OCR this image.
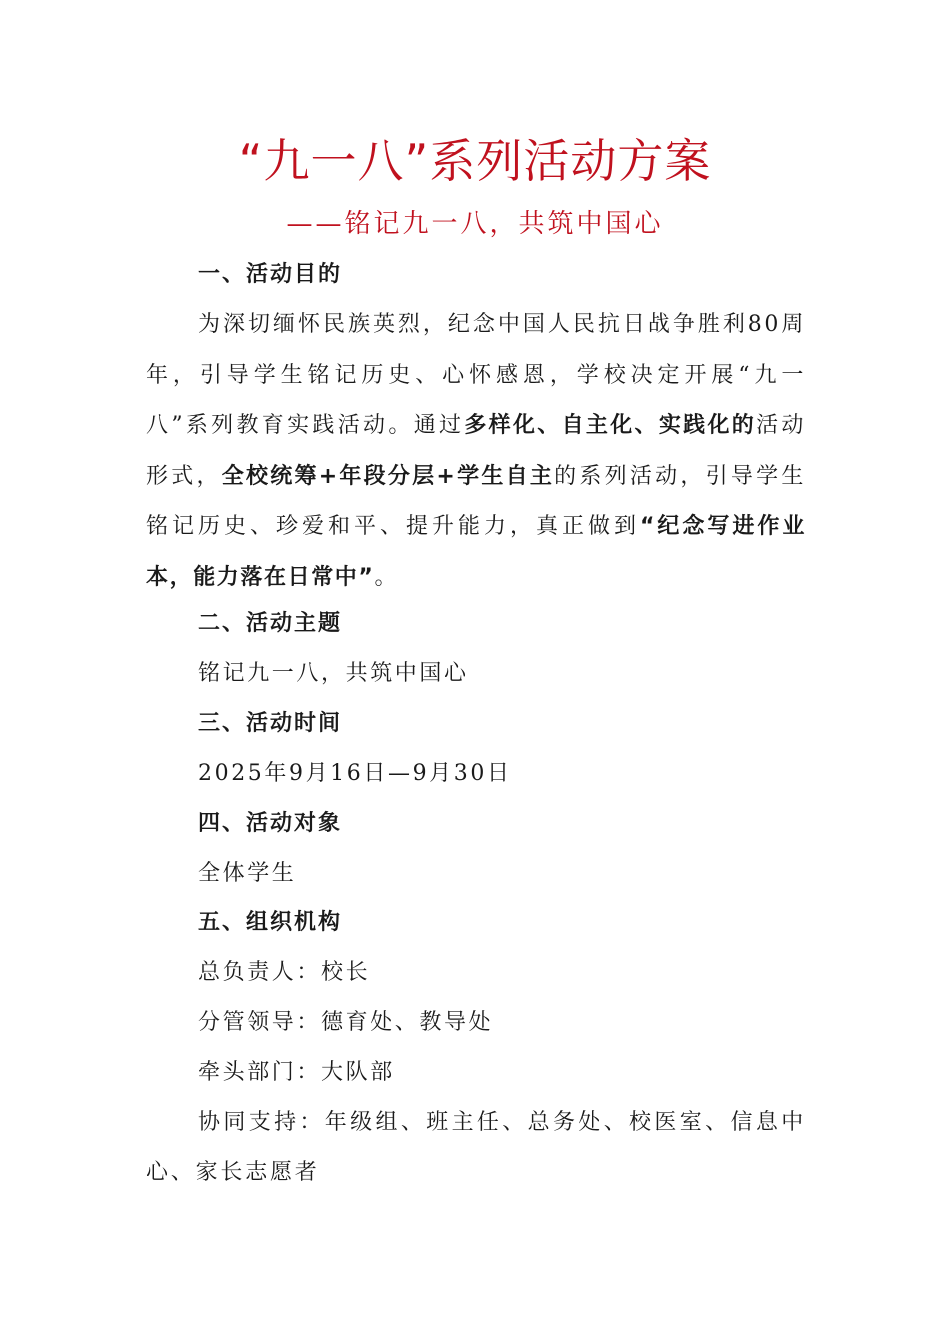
“九一八”系列活动方案
——铭记九一八，共筑中国心
一、活动目的
为深切缅怀民族英烈，纪念中国人民抗日战争胜利80周年，引导学生铭记历史、心怀感恩，学校决定开展“九一八”系列教育实践活动。通过多样化、自主化、实践化的活动形式，全校统筹+年段分层+学生自主的系列活动，引导学生铭记历史、珍爱和平、提升能力，真正做到“纪念写进作业本，能力落在日常中”。
二、活动主题
铭记九一八，共筑中国心
三、活动时间
2025年9月16日—9月30日
四、活动对象
全体学生
五、组织机构
总负责人：校长
分管领导：德育处、教导处
牵头部门：大队部
协同支持：年级组、班主任、总务处、校医室、信息中心、家长志愿者
